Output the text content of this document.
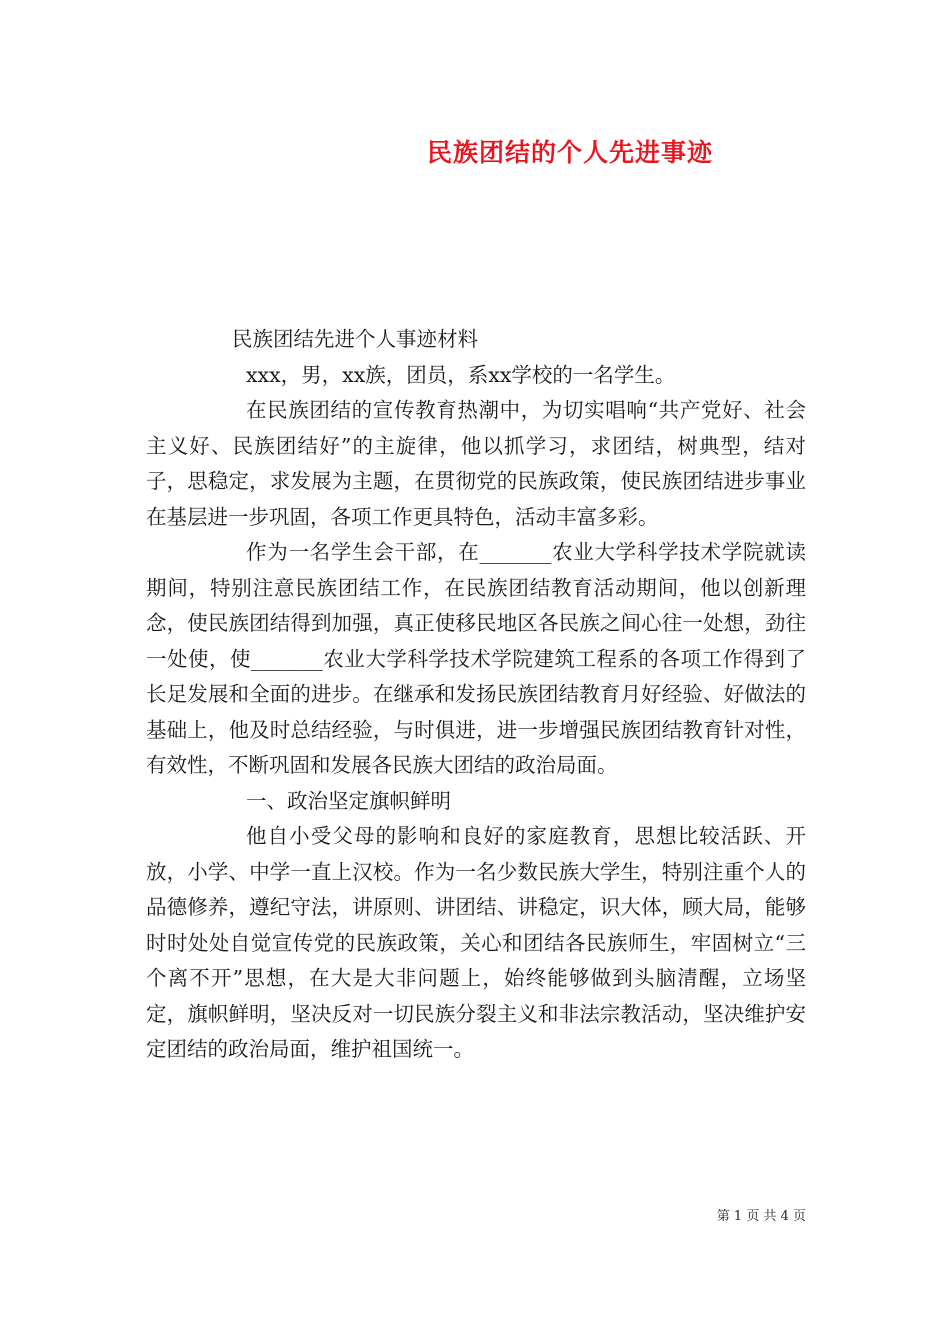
民族团结的个人先进事迹

民族团结先进个人事迹材料

xxx，男，xx族，团员，系xx学校的一名学生。

在民族团结的宣传教育热潮中，为切实唱响“共产党好、社会主义好、民族团结好”的主旋律，他以抓学习，求团结，树典型，结对子，思稳定，求发展为主题，在贯彻党的民族政策，使民族团结进步事业在基层进一步巩固，各项工作更具特色，活动丰富多彩。

作为一名学生会干部，在_______农业大学科学技术学院就读期间，特别注意民族团结工作，在民族团结教育活动期间，他以创新理念，使民族团结得到加强，真正使移民地区各民族之间心往一处想，劲往一处使，使_______农业大学科学技术学院建筑工程系的各项工作得到了长足发展和全面的进步。在继承和发扬民族团结教育月好经验、好做法的基础上，他及时总结经验，与时俱进，进一步增强民族团结教育针对性，有效性，不断巩固和发展各民族大团结的政治局面。

一、政治坚定旗帜鲜明

他自小受父母的影响和良好的家庭教育，思想比较活跃、开放，小学、中学一直上汉校。作为一名少数民族大学生，特别注重个人的品德修养，遵纪守法，讲原则、讲团结、讲稳定，识大体，顾大局，能够时时处处自觉宣传党的民族政策，关心和团结各民族师生，牢固树立“三个离不开”思想，在大是大非问题上，始终能够做到头脑清醒，立场坚定，旗帜鲜明，坚决反对一切民族分裂主义和非法宗教活动，坚决维护安定团结的政治局面，维护祖国统一。

第 1 页 共 4 页
